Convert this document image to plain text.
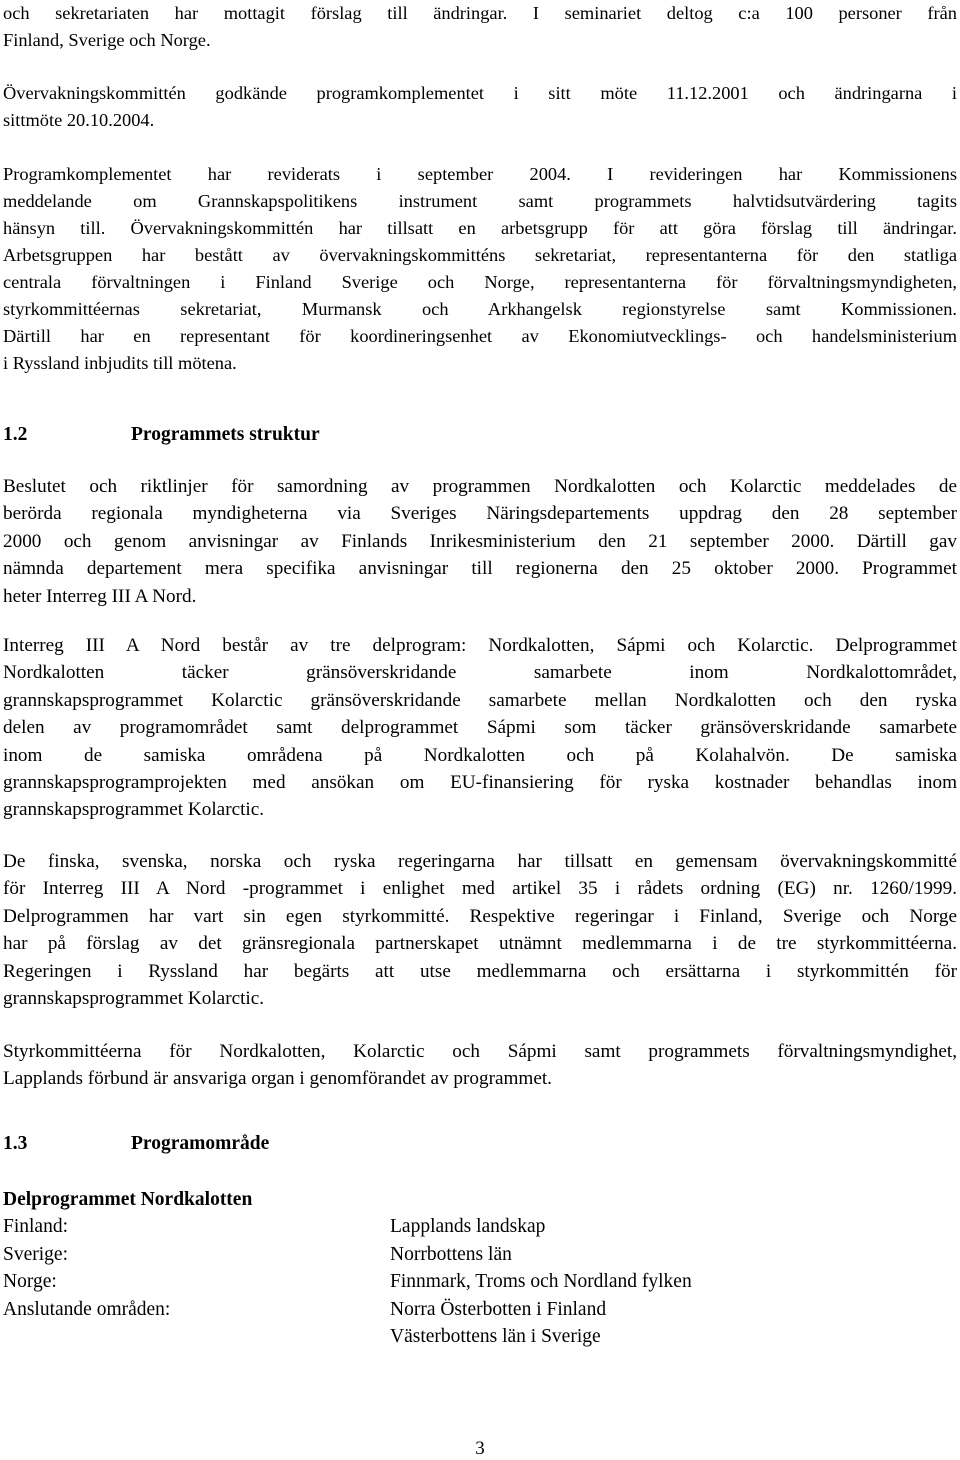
och sekretariaten har mottagit förslag till ändringar. I seminariet deltog c:a 100 personer från
Finland, Sverige och Norge.
Övervakningskommittén godkände programkomplementet i sitt möte 11.12.2001 och ändringarna i
sittmöte 20.10.2004.
Programkomplementet har reviderats i september 2004. I revideringen har Kommissionens
meddelande om Grannskapspolitikens instrument samt programmets halvtidsutvärdering tagits
hänsyn till. Övervakningskommittén har tillsatt en arbetsgrupp för att göra förslag till ändringar.
Arbetsgruppen har bestått av övervakningskommitténs sekretariat, representanterna för den statliga
centrala förvaltningen i Finland Sverige och Norge, representanterna för förvaltningsmyndigheten,
styrkommittéernas sekretariat, Murmansk och Arkhangelsk regionstyrelse samt Kommissionen.
Därtill har en representant för koordineringsenhet av Ekonomiutvecklings- och handelsministerium
i Ryssland inbjudits till mötena.
1.2	Programmets struktur
Beslutet och riktlinjer för samordning av programmen Nordkalotten och Kolarctic meddelades de
berörda regionala myndigheterna via Sveriges Näringsdepartements uppdrag den 28 september
2000 och genom anvisningar av Finlands Inrikesministerium den 21 september 2000. Därtill gav
nämnda departement mera specifika anvisningar till regionerna den 25 oktober 2000. Programmet
heter Interreg III A Nord.
Interreg III A Nord består av tre delprogram: Nordkalotten, Sápmi och Kolarctic. Delprogrammet
Nordkalotten täcker gränsöverskridande samarbete inom Nordkalottområdet,
grannskapsprogrammet Kolarctic gränsöverskridande samarbete mellan Nordkalotten och den ryska
delen av programområdet samt delprogrammet Sápmi som täcker gränsöverskridande samarbete
inom de samiska områdena på Nordkalotten och på Kolahalvön. De samiska
grannskapsprogramprojekten med ansökan om EU-finansiering för ryska kostnader behandlas inom
grannskapsprogrammet Kolarctic.
De finska, svenska, norska och ryska regeringarna har tillsatt en gemensam övervakningskommitté
för Interreg III A Nord -programmet i enlighet med artikel 35 i rådets ordning (EG) nr. 1260/1999.
Delprogrammen har vart sin egen styrkommitté. Respektive regeringar i Finland, Sverige och Norge
har på förslag av det gränsregionala partnerskapet utnämnt medlemmarna i de tre styrkommittéerna.
Regeringen i Ryssland har begärts att utse medlemmarna och ersättarna i styrkommittén för
grannskapsprogrammet Kolarctic.
Styrkommittéerna för Nordkalotten, Kolarctic och Sápmi samt programmets förvaltningsmyndighet,
Lapplands förbund är ansvariga organ i genomförandet av programmet.
1.3	Programområde
Delprogrammet Nordkalotten
Finland:	Lapplands landskap
Sverige:	Norrbottens län
Norge:	Finnmark, Troms och Nordland fylken
Anslutande områden:	Norra Österbotten i Finland
Västerbottens län i Sverige
3
